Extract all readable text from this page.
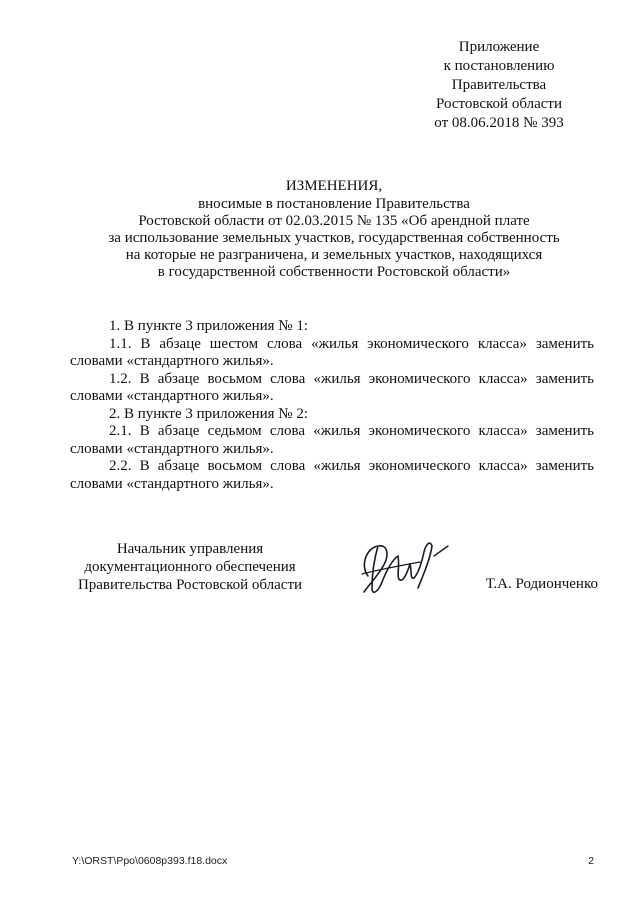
Приложение
к постановлению
Правительства
Ростовской области
от 08.06.2018 № 393
ИЗМЕНЕНИЯ,
вносимые в постановление Правительства
Ростовской области от 02.03.2015 № 135 «Об арендной плате
за использование земельных участков, государственная собственность
на которые не разграничена, и земельных участков, находящихся
в государственной собственности Ростовской области»

1. В пункте 3 приложения № 1:

1.1. В абзаце шестом слова «жилья экономического класса» заменить словами «стандартного жилья».

1.2. В абзаце восьмом слова «жилья экономического класса» заменить словами «стандартного жилья».

2. В пункте 3 приложения № 2:

2.1. В абзаце седьмом слова «жилья экономического класса» заменить словами «стандартного жилья».

2.2. В абзаце восьмом слова «жилья экономического класса» заменить словами «стандартного жилья».

Начальник управления
документационного обеспечения
Правительства Ростовской области	Т.А. Родионченко
Y:\ORST\Ppo\0608p393.f18.docx	2
